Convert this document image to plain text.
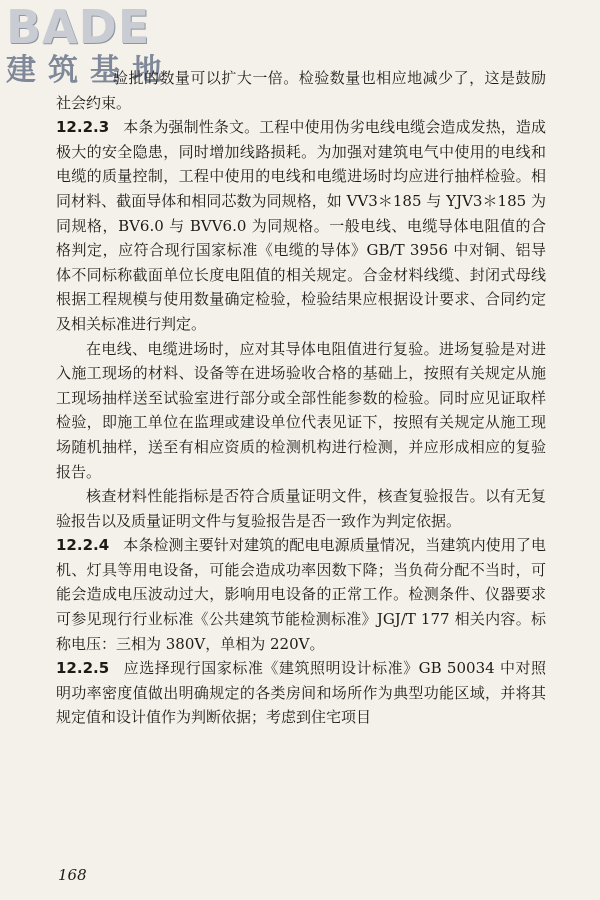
BADE
建筑基地

验批的数量可以扩大一倍。检验数量也相应地减少了，这是鼓励社会约束。

12.2.3 本条为强制性条文。工程中使用伪劣电线电缆会造成发热，造成极大的安全隐患，同时增加线路损耗。为加强对建筑电气中使用的电线和电缆的质量控制，工程中使用的电线和电缆进场时均应进行抽样检验。相同材料、截面导体和相同芯数为同规格，如 VV3＊185 与 YJV3＊185 为同规格，BV6.0 与 BVV6.0 为同规格。一般电线、电缆导体电阻值的合格判定，应符合现行国家标准《电缆的导体》GB/T 3956 中对铜、铝导体不同标称截面单位长度电阻值的相关规定。合金材料线缆、封闭式母线根据工程规模与使用数量确定检验，检验结果应根据设计要求、合同约定及相关标准进行判定。

在电线、电缆进场时，应对其导体电阻值进行复验。进场复验是对进入施工现场的材料、设备等在进场验收合格的基础上，按照有关规定从施工现场抽样送至试验室进行部分或全部性能参数的检验。同时应见证取样检验，即施工单位在监理或建设单位代表见证下，按照有关规定从施工现场随机抽样，送至有相应资质的检测机构进行检测，并应形成相应的复验报告。

核查材料性能指标是否符合质量证明文件，核查复验报告。以有无复验报告以及质量证明文件与复验报告是否一致作为判定依据。

12.2.4 本条检测主要针对建筑的配电电源质量情况，当建筑内使用了电机、灯具等用电设备，可能会造成功率因数下降；当负荷分配不当时，可能会造成电压波动过大，影响用电设备的正常工作。检测条件、仪器要求可参见现行行业标准《公共建筑节能检测标准》JGJ/T 177 相关内容。标称电压：三相为 380V，单相为 220V。

12.2.5 应选择现行国家标准《建筑照明设计标准》GB 50034 中对照明功率密度值做出明确规定的各类房间和场所作为典型功能区域，并将其规定值和设计值作为判断依据；考虑到住宅项目

168
